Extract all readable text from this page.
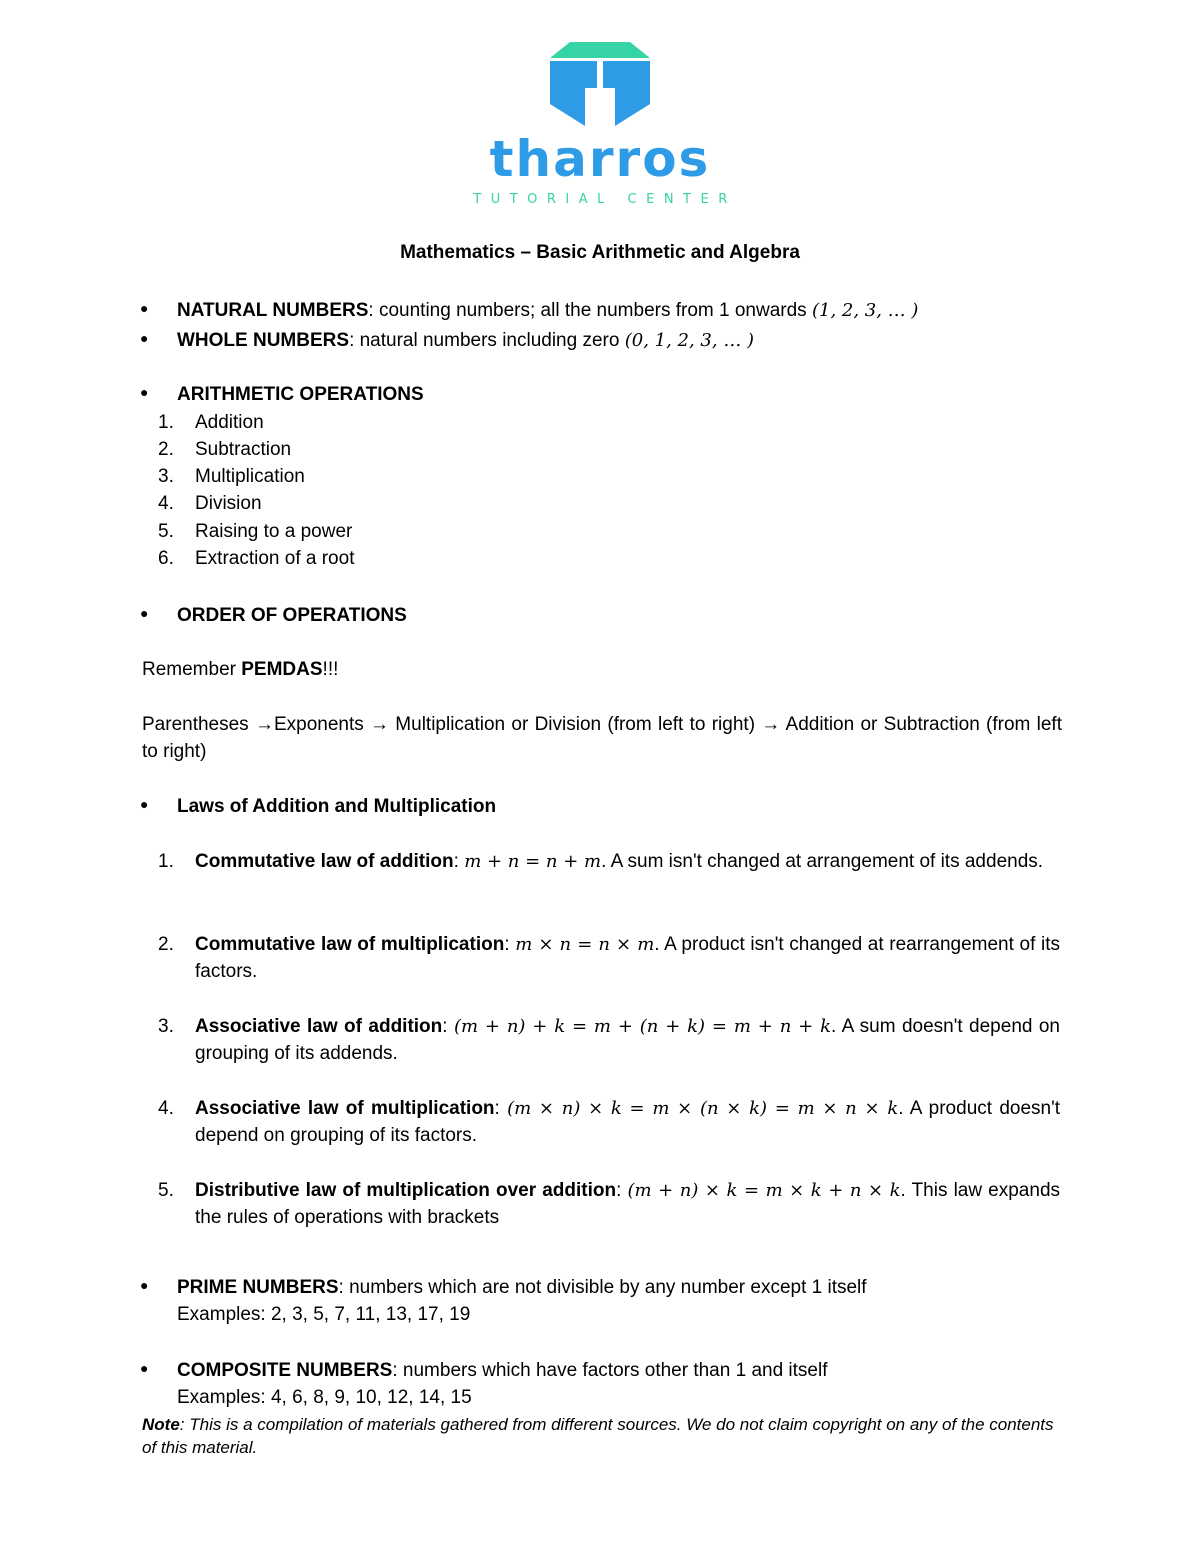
tharros
TUTORIAL CENTER
Mathematics – Basic Arithmetic and Algebra
● NATURAL NUMBERS: counting numbers; all the numbers from 1 onwards (1, 2, 3, … )
● WHOLE NUMBERS: natural numbers including zero (0, 1, 2, 3, … )
● ARITHMETIC OPERATIONS
1. Addition
2. Subtraction
3. Multiplication
4. Division
5. Raising to a power
6. Extraction of a root
● ORDER OF OPERATIONS
Remember PEMDAS!!!
Parentheses →Exponents → Multiplication or Division (from left to right) → Addition or Subtraction (from left to right)
● Laws of Addition and Multiplication
1. Commutative law of addition: m + n = n + m. A sum isn't changed at arrangement of its addends.
2. Commutative law of multiplication: m × n = n × m. A product isn't changed at rearrangement of its factors.
3. Associative law of addition: (m + n) + k = m + (n + k) = m + n + k. A sum doesn't depend on grouping of its addends.
4. Associative law of multiplication: (m × n) × k = m × (n × k) = m × n × k. A product doesn't depend on grouping of its factors.
5. Distributive law of multiplication over addition: (m + n) × k = m × k + n × k. This law expands the rules of operations with brackets
● PRIME NUMBERS: numbers which are not divisible by any number except 1 itself
Examples: 2, 3, 5, 7, 11, 13, 17, 19
● COMPOSITE NUMBERS: numbers which have factors other than 1 and itself
Examples: 4, 6, 8, 9, 10, 12, 14, 15
Note: This is a compilation of materials gathered from different sources. We do not claim copyright on any of the contents of this material.
